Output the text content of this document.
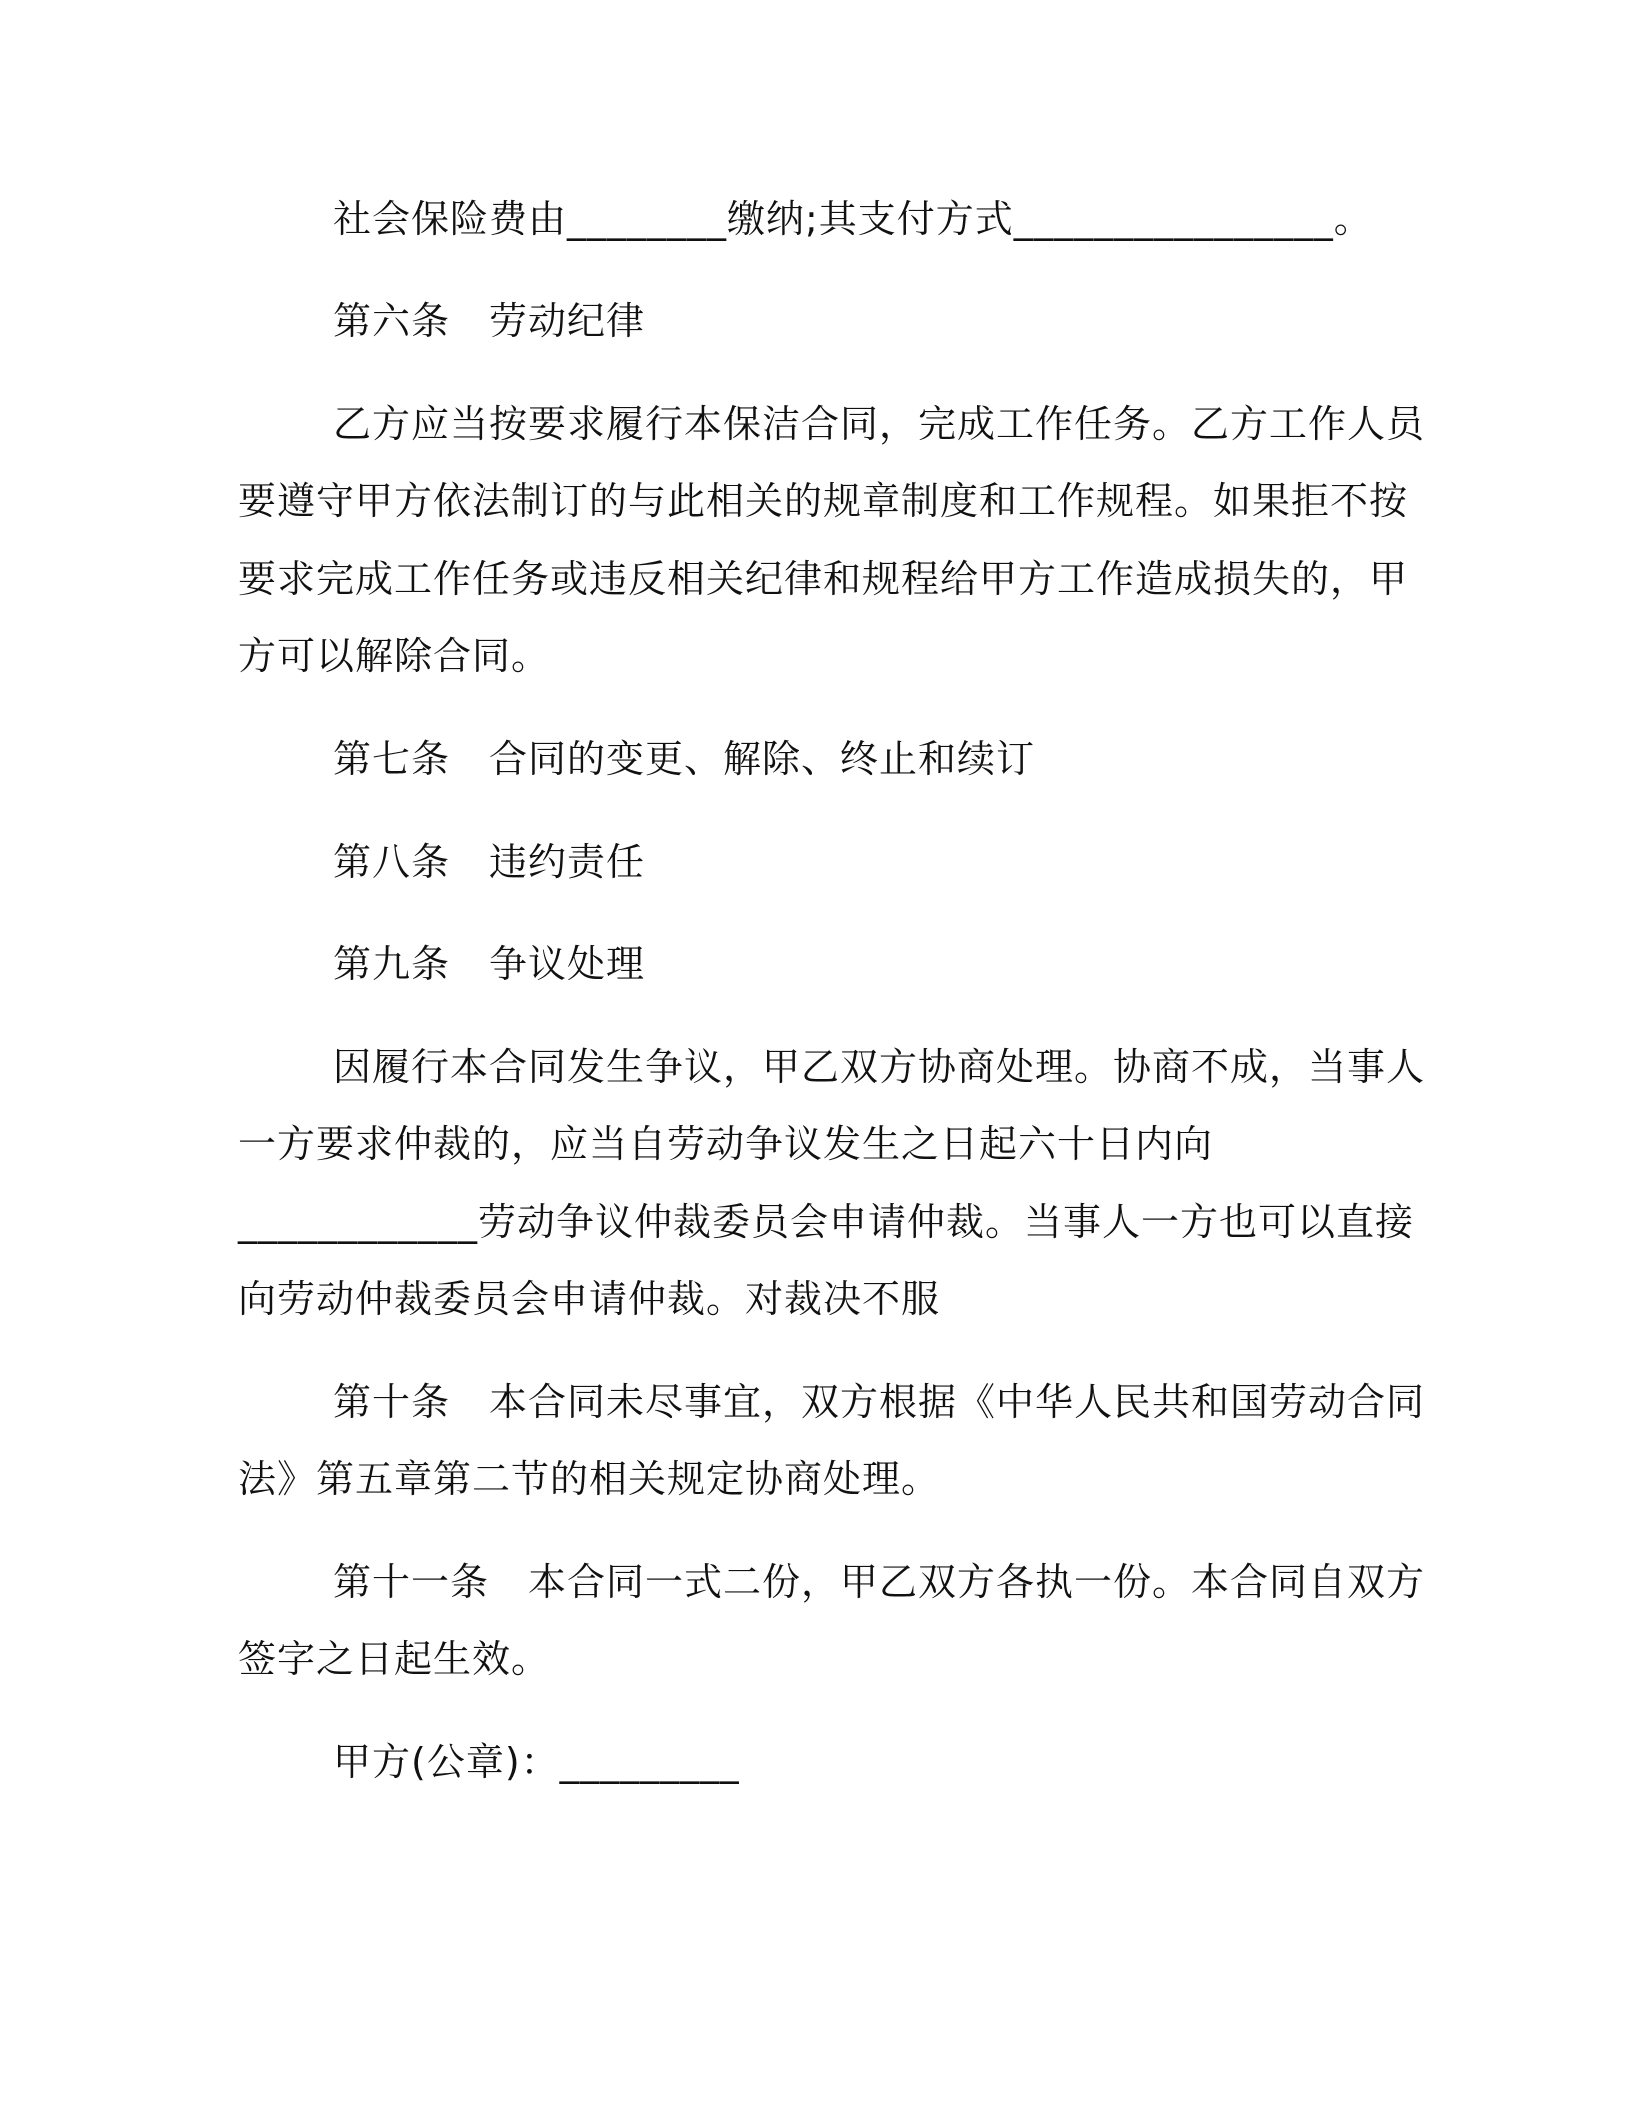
社会保险费由________缴纳;其支付方式________________。
第六条　劳动纪律
乙方应当按要求履行本保洁合同，完成工作任务。乙方工作人员
要遵守甲方依法制订的与此相关的规章制度和工作规程。如果拒不按
要求完成工作任务或违反相关纪律和规程给甲方工作造成损失的，甲
方可以解除合同。
第七条　合同的变更、解除、终止和续订
第八条　违约责任
第九条　争议处理
因履行本合同发生争议，甲乙双方协商处理。协商不成，当事人
一方要求仲裁的，应当自劳动争议发生之日起六十日内向
____________劳动争议仲裁委员会申请仲裁。当事人一方也可以直接
向劳动仲裁委员会申请仲裁。对裁决不服
第十条　本合同未尽事宜，双方根据《中华人民共和国劳动合同
法》第五章第二节的相关规定协商处理。
第十一条　本合同一式二份，甲乙双方各执一份。本合同自双方
签字之日起生效。
甲方(公章)：_________
